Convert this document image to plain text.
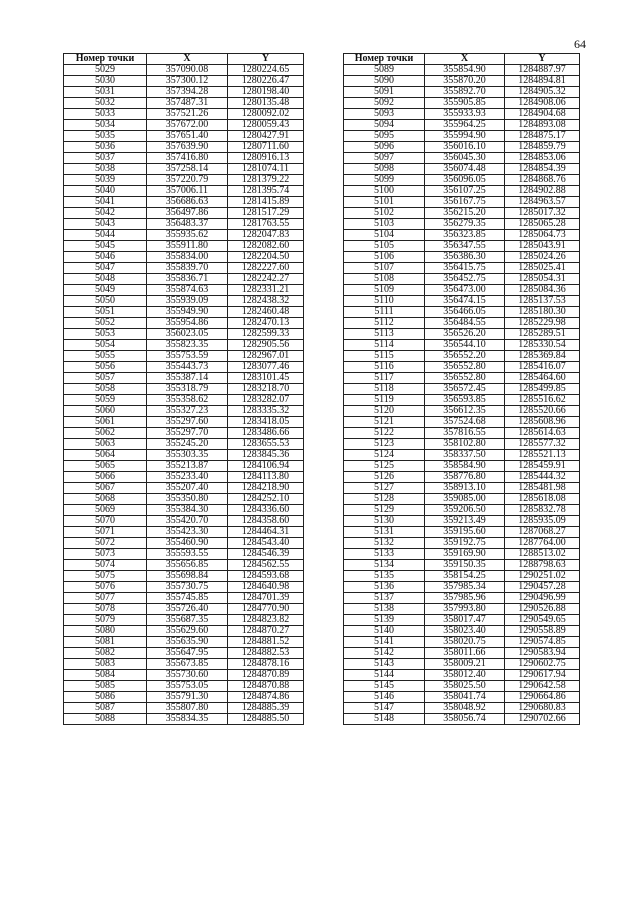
64
Номер точки	X	Y
5029	357090.08	1280224.65
5030	357300.12	1280226.47
5031	357394.28	1280198.40
5032	357487.31	1280135.48
5033	357521.26	1280092.02
5034	357672.00	1280059.43
5035	357651.40	1280427.91
5036	357639.90	1280711.60
5037	357416.80	1280916.13
5038	357258.14	1281074.11
5039	357220.79	1281379.22
5040	357006.11	1281395.74
5041	356686.63	1281415.89
5042	356497.86	1281517.29
5043	356483.37	1281763.55
5044	355935.62	1282047.83
5045	355911.80	1282082.60
5046	355834.00	1282204.50
5047	355839.70	1282227.60
5048	355836.71	1282242.27
5049	355874.63	1282331.21
5050	355939.09	1282438.32
5051	355949.90	1282460.48
5052	355954.86	1282470.13
5053	356023.05	1282599.33
5054	355823.35	1282905.56
5055	355753.59	1282967.01
5056	355443.73	1283077.46
5057	355387.14	1283101.45
5058	355318.79	1283218.70
5059	355358.62	1283282.07
5060	355327.23	1283335.32
5061	355297.60	1283418.05
5062	355297.70	1283486.66
5063	355245.20	1283655.53
5064	355303.35	1283845.36
5065	355213.87	1284106.94
5066	355233.40	1284113.80
5067	355207.40	1284218.90
5068	355350.80	1284252.10
5069	355384.30	1284336.60
5070	355420.70	1284358.60
5071	355423.30	1284464.31
5072	355460.90	1284543.40
5073	355593.55	1284546.39
5074	355656.85	1284562.55
5075	355698.84	1284593.68
5076	355730.75	1284640.98
5077	355745.85	1284701.39
5078	355726.40	1284770.90
5079	355687.35	1284823.82
5080	355629.60	1284870.27
5081	355635.90	1284881.52
5082	355647.95	1284882.53
5083	355673.85	1284878.16
5084	355730.60	1284870.89
5085	355753.05	1284870.88
5086	355791.30	1284874.86
5087	355807.80	1284885.39
5088	355834.35	1284885.50
Номер точки	X	Y
5089	355854.90	1284887.97
5090	355870.20	1284894.81
5091	355892.70	1284905.32
5092	355905.85	1284908.06
5093	355933.93	1284904.68
5094	355964.25	1284893.08
5095	355994.90	1284875.17
5096	356016.10	1284859.79
5097	356045.30	1284853.06
5098	356074.48	1284854.39
5099	356096.05	1284868.76
5100	356107.25	1284902.88
5101	356167.75	1284963.57
5102	356215.20	1285017.32
5103	356279.35	1285065.28
5104	356323.85	1285064.73
5105	356347.55	1285043.91
5106	356386.30	1285024.26
5107	356415.75	1285025.41
5108	356452.75	1285054.31
5109	356473.00	1285084.36
5110	356474.15	1285137.53
5111	356466.05	1285180.30
5112	356484.55	1285229.98
5113	356526.20	1285289.51
5114	356544.10	1285330.54
5115	356552.20	1285369.84
5116	356552.80	1285416.07
5117	356552.80	1285464.60
5118	356572.45	1285499.85
5119	356593.85	1285516.62
5120	356612.35	1285520.66
5121	357524.68	1285608.96
5122	357816.55	1285614.63
5123	358102.80	1285577.32
5124	358337.50	1285521.13
5125	358584.90	1285459.91
5126	358776.80	1285444.32
5127	358913.10	1285481.98
5128	359085.00	1285618.08
5129	359206.50	1285832.78
5130	359213.49	1285935.09
5131	359195.60	1287068.27
5132	359192.75	1287764.00
5133	359169.90	1288513.02
5134	359150.35	1288798.63
5135	358154.25	1290251.02
5136	357985.34	1290457.28
5137	357985.96	1290496.99
5138	357993.80	1290526.88
5139	358017.47	1290549.65
5140	358023.40	1290558.89
5141	358020.75	1290574.85
5142	358011.66	1290583.94
5143	358009.21	1290602.75
5144	358012.40	1290617.94
5145	358025.50	1290642.58
5146	358041.74	1290664.86
5147	358048.92	1290680.83
5148	358056.74	1290702.66
